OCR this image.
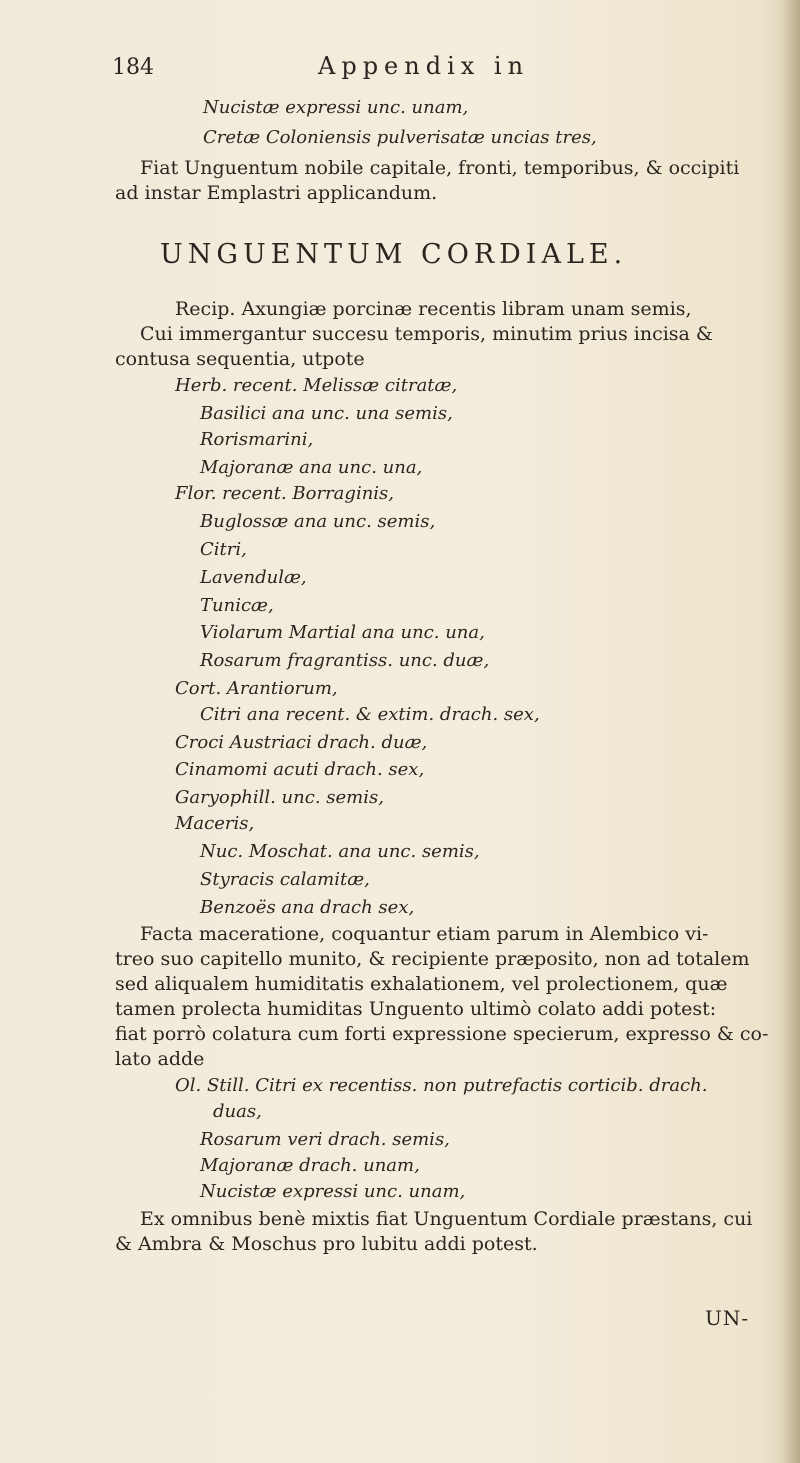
184	Appendix in
Nucistæ expressi unc. unam,
Cretæ Coloniensis pulverisatæ uncias tres,
Fiat Unguentum nobile capitale, fronti, temporibus, & occipiti
ad instar Emplastri applicandum.
UNGUENTUM CORDIALE.
Recip. Axungiæ porcinæ recentis libram unam semis,
Cui immergantur succesu temporis, minutim prius incisa &
contusa sequentia, utpote
Herb. recent. Melissæ citratæ,
Basilici ana unc. una semis,
Rorismarini,
Majoranæ ana unc. una,
Flor. recent. Borraginis,
Buglossæ ana unc. semis,
Citri,
Lavendulæ,
Tunicæ,
Violarum Martial ana unc. una,
Rosarum fragrantiss. unc. duæ,
Cort. Arantiorum,
Citri ana recent. & extim. drach. sex,
Croci Austriaci drach. duæ,
Cinamomi acuti drach. sex,
Garyophill. unc. semis,
Maceris,
Nuc. Moschat. ana unc. semis,
Styracis calamitæ,
Benzoës ana drach sex,
Facta maceratione, coquantur etiam parum in Alembico vi-
treo suo capitello munito, & recipiente præposito, non ad totalem
sed aliqualem humiditatis exhalationem, vel prolectionem, quæ
tamen prolecta humiditas Unguento ultimò colato addi potest:
fiat porrò colatura cum forti expressione specierum, expresso & co-
lato adde
Ol. Still. Citri ex recentiss. non putrefactis corticib. drach.
duas,
Rosarum veri drach. semis,
Majoranæ drach. unam,
Nucistæ expressi unc. unam,
Ex omnibus benè mixtis fiat Unguentum Cordiale præstans, cui
& Ambra & Moschus pro lubitu addi potest.
UN-
